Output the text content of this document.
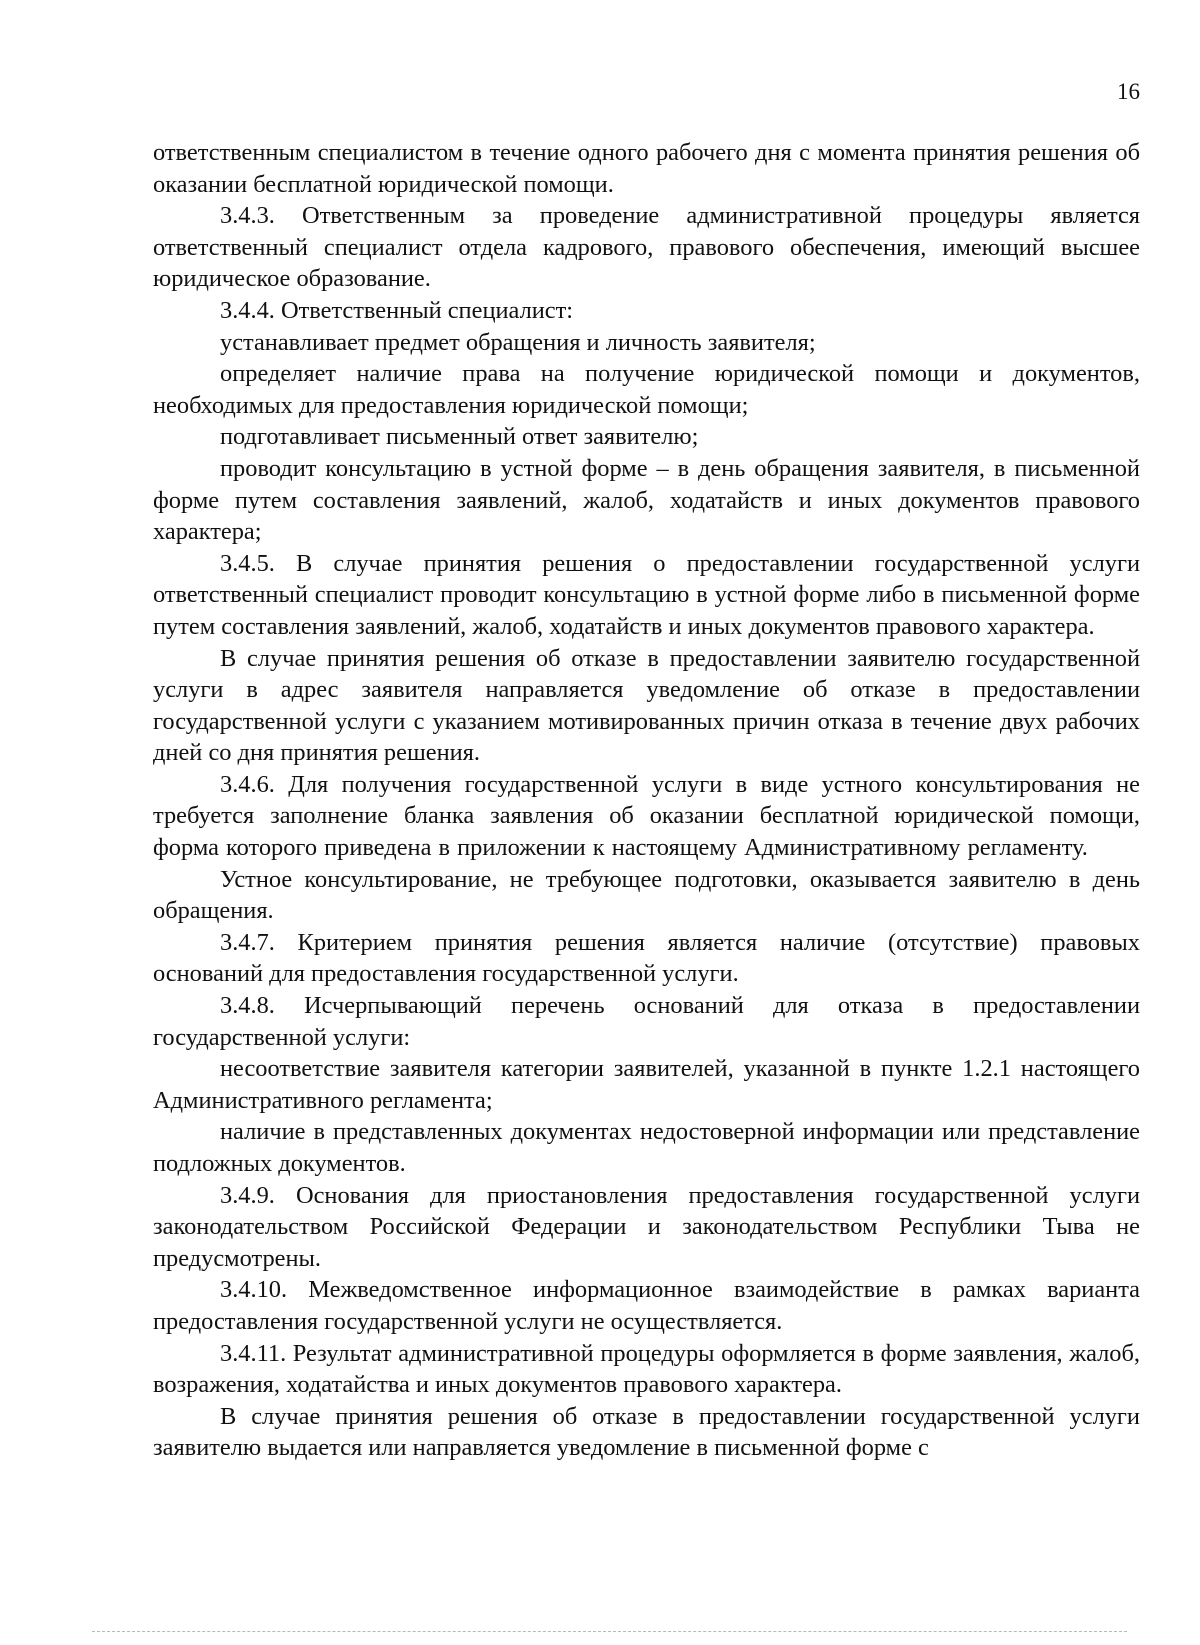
16

ответственным специалистом в течение одного рабочего дня с момента принятия решения об оказании бесплатной юридической помощи.

3.4.3. Ответственным за проведение административной процедуры является ответственный специалист отдела кадрового, правового обеспечения, имеющий высшее юридическое образование.

3.4.4. Ответственный специалист:

устанавливает предмет обращения и личность заявителя;

определяет наличие права на получение юридической помощи и документов, необходимых для предоставления юридической помощи;

подготавливает письменный ответ заявителю;

проводит консультацию в устной форме – в день обращения заявителя, в письменной форме путем составления заявлений, жалоб, ходатайств и иных документов правового характера;

3.4.5. В случае принятия решения о предоставлении государственной услуги ответственный специалист проводит консультацию в устной форме либо в письменной форме путем составления заявлений, жалоб, ходатайств и иных документов правового характера.

В случае принятия решения об отказе в предоставлении заявителю государственной услуги в адрес заявителя направляется уведомление об отказе в предоставлении государственной услуги с указанием мотивированных причин отказа в течение двух рабочих дней со дня принятия решения.

3.4.6. Для получения государственной услуги в виде устного консультирования не требуется заполнение бланка заявления об оказании бесплатной юридической помощи, форма которого приведена в приложении к настоящему Административному регламенту.

Устное консультирование, не требующее подготовки, оказывается заявителю в день обращения.

3.4.7. Критерием принятия решения является наличие (отсутствие) правовых оснований для предоставления государственной услуги.

3.4.8. Исчерпывающий перечень оснований для отказа в предоставлении государственной услуги:

несоответствие заявителя категории заявителей, указанной в пункте 1.2.1 настоящего Административного регламента;

наличие в представленных документах недостоверной информации или представление подложных документов.

3.4.9. Основания для приостановления предоставления государственной услуги законодательством Российской Федерации и законодательством Республики Тыва не предусмотрены.

3.4.10. Межведомственное информационное взаимодействие в рамках варианта предоставления государственной услуги не осуществляется.

3.4.11. Результат административной процедуры оформляется в форме заявления, жалоб, возражения, ходатайства и иных документов правового характера.

В случае принятия решения об отказе в предоставлении государственной услуги заявителю выдается или направляется уведомление в письменной форме с
